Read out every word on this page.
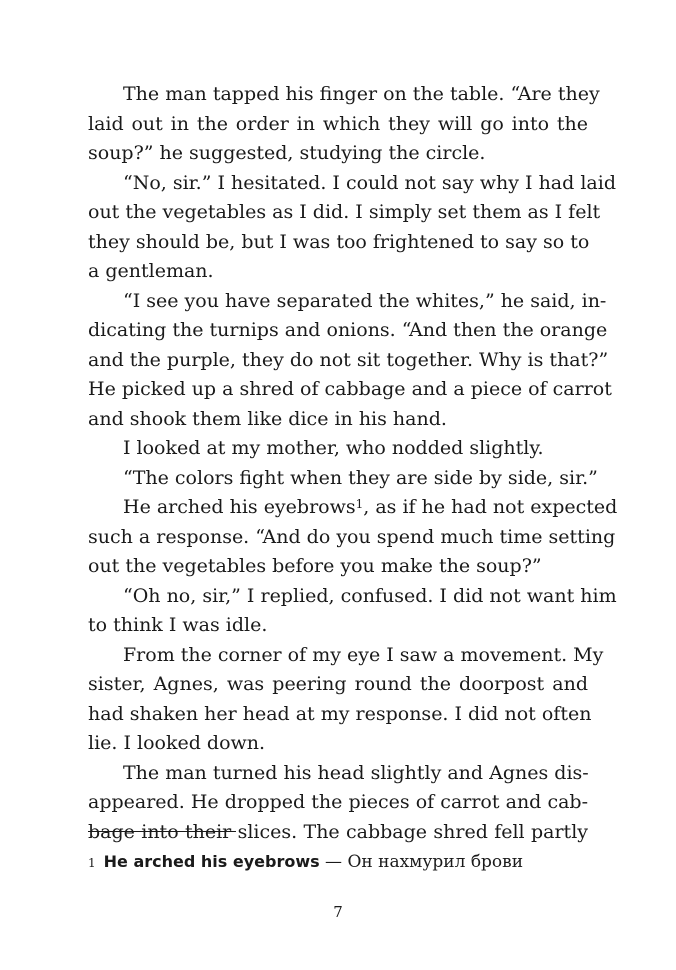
The man tapped his finger on the table. “Are they
laid out in the order in which they will go into the
soup?” he suggested, studying the circle.
“No, sir.” I hesitated. I could not say why I had laid
out the vegetables as I did. I simply set them as I felt
they should be, but I was too frightened to say so to
a gentleman.
“I see you have separated the whites,” he said, in-
dicating the turnips and onions. “And then the orange
and the purple, they do not sit together. Why is that?”
He picked up a shred of cabbage and a piece of carrot
and shook them like dice in his hand.
I looked at my mother, who nodded slightly.
“The colors fight when they are side by side, sir.”
He arched his eyebrows$^1$, as if he had not expected
such a response. “And do you spend much time setting
out the vegetables before you make the soup?”
“Oh no, sir,” I replied, confused. I did not want him
to think I was idle.
From the corner of my eye I saw a movement. My
sister, Agnes, was peering round the doorpost and
had shaken her head at my response. I did not often
lie. I looked down.
The man turned his head slightly and Agnes dis-
appeared. He dropped the pieces of carrot and cab-
bage into their slices. The cabbage shred fell partly
$^1$ He arched his eyebrows — Он нахмурил брови
7
